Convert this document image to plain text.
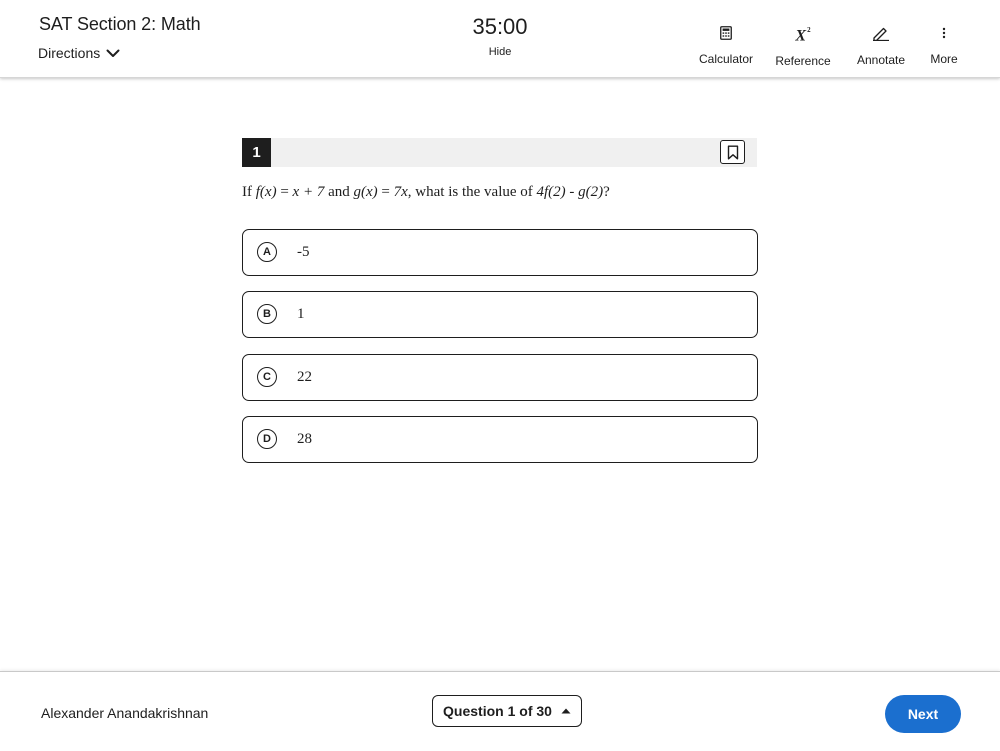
SAT Section 2: Math
Directions
35:00
Hide	Calculator
$X^2$
Reference Annotate More
1
If f(x) = x + 7 and g(x) = 7x, what is the value of 4f(2) - g(2)?
A	-5
B	1
C	22
D	28
Alexander Anandakrishnan	Question 1 of 30	Next
